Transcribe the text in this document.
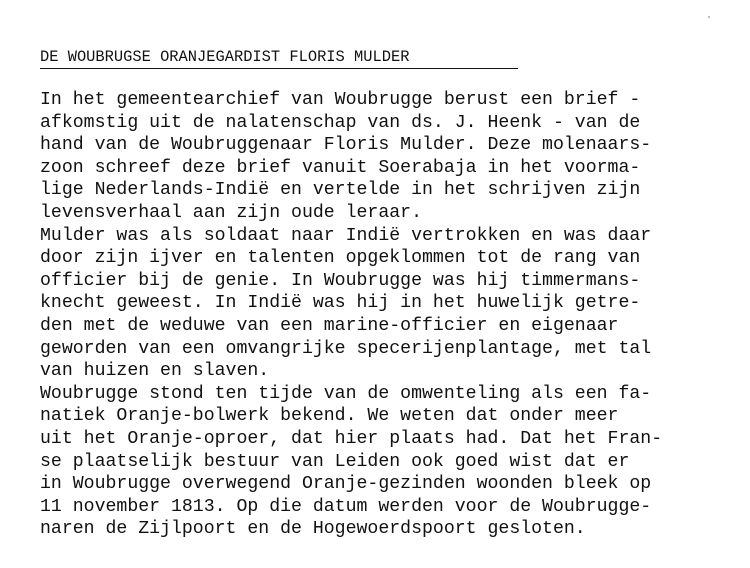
DE WOUBRUGSE ORANJEGARDIST FLORIS MULDER
In het gemeentearchief van Woubrugge berust een brief -
afkomstig uit de nalatenschap van ds. J. Heenk - van de
hand van de Woubruggenaar Floris Mulder. Deze molenaars-
zoon schreef deze brief vanuit Soerabaja in het voorma-
lige Nederlands-Indië en vertelde in het schrijven zijn
levensverhaal aan zijn oude leraar.
Mulder was als soldaat naar Indië vertrokken en was daar
door zijn ijver en talenten opgeklommen tot de rang van
officier bij de genie. In Woubrugge was hij timmermans-
knecht geweest. In Indië was hij in het huwelijk getre-
den met de weduwe van een marine-officier en eigenaar
geworden van een omvangrijke specerijenplantage, met tal
van huizen en slaven.
Woubrugge stond ten tijde van de omwenteling als een fa-
natiek Oranje-bolwerk bekend. We weten dat onder meer
uit het Oranje-oproer, dat hier plaats had. Dat het Fran-
se plaatselijk bestuur van Leiden ook goed wist dat er
in Woubrugge overwegend Oranje-gezinden woonden bleek op
11 november 1813. Op die datum werden voor de Woubrugge-
naren de Zijlpoort en de Hogewoerdspoort gesloten.
